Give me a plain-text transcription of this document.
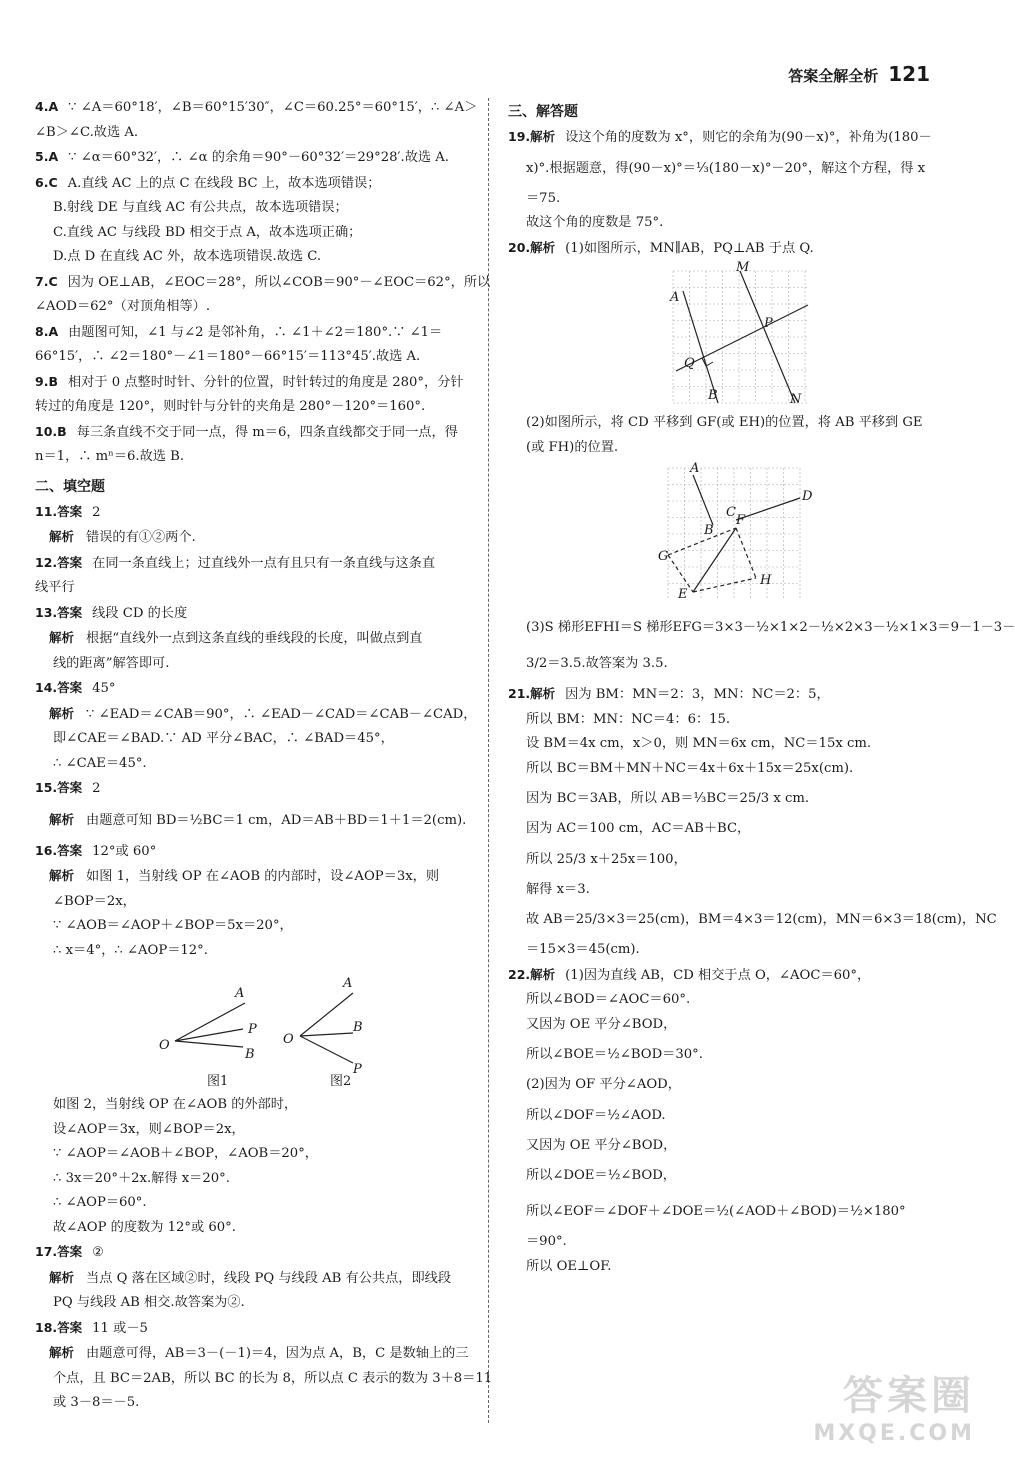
答案全解全析 121
4.A ∵ ∠A＝60°18′，∠B＝60°15′30″，∠C＝60.25°＝60°15′，∴ ∠A＞
∠B＞∠C.故选 A.
5.A ∵ ∠α＝60°32′，∴ ∠α 的余角＝90°－60°32′＝29°28′.故选 A.
6.C A.直线 AC 上的点 C 在线段 BC 上，故本选项错误；
B.射线 DE 与直线 AC 有公共点，故本选项错误；
C.直线 AC 与线段 BD 相交于点 A，故本选项正确；
D.点 D 在直线 AC 外，故本选项错误.故选 C.
7.C 因为 OE⊥AB，∠EOC＝28°，所以∠COB＝90°－∠EOC＝62°，所以
∠AOD＝62°（对顶角相等）.
8.A 由题图可知，∠1 与∠2 是邻补角，∴ ∠1＋∠2＝180°.∵ ∠1＝
66°15′，∴ ∠2＝180°－∠1＝180°－66°15′＝113°45′.故选 A.
9.B 相对于 0 点整时时针、分针的位置，时针转过的角度是 280°，分针
转过的角度是 120°，则时针与分针的夹角是 280°－120°＝160°.
10.B 每三条直线不交于同一点，得 m＝6，四条直线都交于同一点，得
n＝1，∴ mⁿ＝6.故选 B.
二、填空题
11.答案 2
解析 错误的有①②两个.
12.答案 在同一条直线上；过直线外一点有且只有一条直线与这条直
线平行
13.答案 线段 CD 的长度
解析 根据“直线外一点到这条直线的垂线段的长度，叫做点到直
线的距离”解答即可.
14.答案 45°
解析 ∵ ∠EAD＝∠CAB＝90°，∴ ∠EAD－∠CAD＝∠CAB－∠CAD，
即∠CAE＝∠BAD.∵ AD 平分∠BAC，∴ ∠BAD＝45°，
∴ ∠CAE＝45°.
15.答案 2
解析 由题意可知 BD＝½BC＝1 cm，AD＝AB＋BD＝1＋1＝2(cm).
16.答案 12°或 60°
解析 如图 1，当射线 OP 在∠AOB 的内部时，设∠AOP＝3x，则
∠BOP＝2x，
∵ ∠AOB＝∠AOP＋∠BOP＝5x＝20°，
∴ x＝4°，∴ ∠AOP＝12°.
A
P
B
O
图1
A
B
P
O
图2
如图 2，当射线 OP 在∠AOB 的外部时，
设∠AOP＝3x，则∠BOP＝2x，
∵ ∠AOP＝∠AOB＋∠BOP，∠AOB＝20°，
∴ 3x＝20°＋2x.解得 x＝20°.
∴ ∠AOP＝60°.
故∠AOP 的度数为 12°或 60°.
17.答案 ②
解析 当点 Q 落在区域②时，线段 PQ 与线段 AB 有公共点，即线段
PQ 与线段 AB 相交.故答案为②.
18.答案 11 或－5
解析 由题意可得，AB＝3－(－1)＝4，因为点 A，B，C 是数轴上的三
个点，且 BC＝2AB，所以 BC 的长为 8，所以点 C 表示的数为 3＋8＝11
或 3－8＝－5.
三、解答题
19.解析 设这个角的度数为 x°，则它的余角为(90－x)°，补角为(180－
x)°.根据题意，得(90－x)°＝⅓(180－x)°－20°，解这个方程，得 x
＝75.
故这个角的度数是 75°.
20.解析 (1)如图所示，MN∥AB，PQ⊥AB 于点 Q.
M
A
P
Q
B	N
(2)如图所示，将 CD 平移到 GF(或 EH)的位置，将 AB 平移到 GE
(或 FH)的位置.
A
D
C
B
F
G
E
H
(3)S 梯形EFHI＝S 梯形EFG＝3×3－½×1×2－½×2×3－½×1×3＝9－1－3－
3/2＝3.5.故答案为 3.5.
21.解析 因为 BM：MN＝2：3，MN：NC＝2：5，
所以 BM：MN：NC＝4：6：15.
设 BM＝4x cm，x＞0，则 MN＝6x cm，NC＝15x cm.
所以 BC＝BM＋MN＋NC＝4x＋6x＋15x＝25x(cm).
因为 BC＝3AB，所以 AB＝⅓BC＝25/3 x cm.
因为 AC＝100 cm，AC＝AB＋BC，
所以 25/3 x＋25x＝100，
解得 x＝3.
故 AB＝25/3×3＝25(cm)，BM＝4×3＝12(cm)，MN＝6×3＝18(cm)，NC
＝15×3＝45(cm).
22.解析 (1)因为直线 AB，CD 相交于点 O，∠AOC＝60°，
所以∠BOD＝∠AOC＝60°.
又因为 OE 平分∠BOD，
所以∠BOE＝½∠BOD＝30°.
(2)因为 OF 平分∠AOD，
所以∠DOF＝½∠AOD.
又因为 OE 平分∠BOD，
所以∠DOE＝½∠BOD，
所以∠EOF＝∠DOF＋∠DOE＝½(∠AOD＋∠BOD)＝½×180°
＝90°.
所以 OE⊥OF.
答案圈
MXQE.COM
